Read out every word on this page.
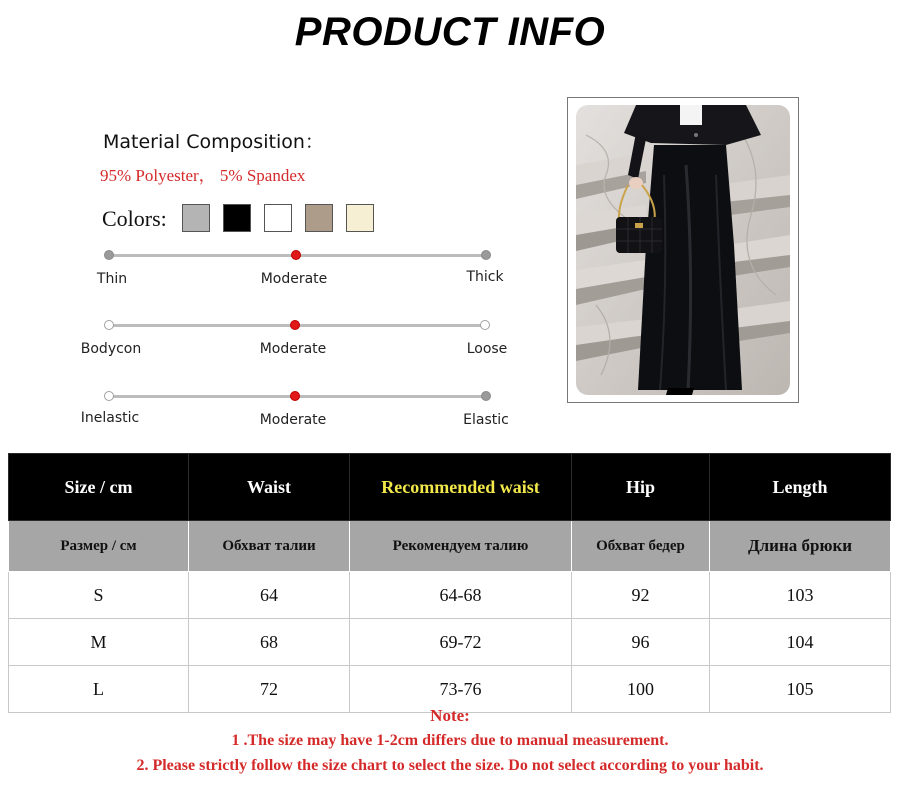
PRODUCT INFO
Material Composition：
95% Polyester， 5% Spandex
Colors:
Thin	Moderate	Thick
Bodycon	Moderate	Loose
Inelastic	Moderate	Elastic
Size / cm	Waist	Recommended waist	Hip	Length
Размер / см	Обхват талии	Рекомендуем талию	Обхват бедер	Длина брюки
S	64	64-68	92	103
M	68	69-72	96	104
L	72	73-76	100	105
Note:
1 .The size may have 1-2cm differs due to manual measurement.
2. Please strictly follow the size chart to select the size. Do not select according to your habit.
